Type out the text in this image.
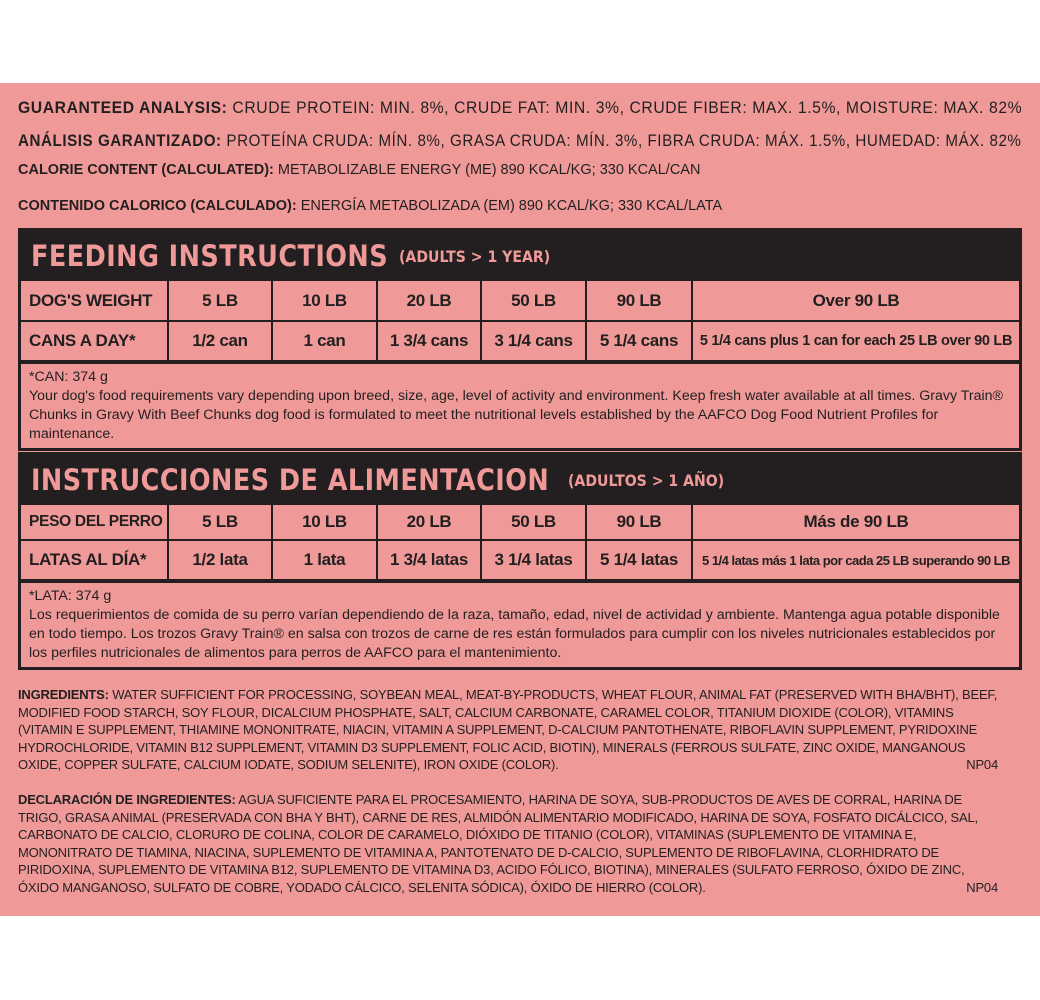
GUARANTEED ANALYSIS: CRUDE PROTEIN: MIN. 8%, CRUDE FAT: MIN. 3%, CRUDE FIBER: MAX. 1.5%, MOISTURE: MAX. 82%
ANÁLISIS GARANTIZADO: PROTEÍNA CRUDA: MÍN. 8%, GRASA CRUDA: MÍN. 3%, FIBRA CRUDA: MÁX. 1.5%, HUMEDAD: MÁX. 82%
CALORIE CONTENT (CALCULATED): METABOLIZABLE ENERGY (ME) 890 KCAL/KG; 330 KCAL/CAN
CONTENIDO CALORICO (CALCULADO): ENERGÍA METABOLIZADA (EM) 890 KCAL/KG; 330 KCAL/LATA
FEEDING INSTRUCTIONS (ADULTS > 1 YEAR)
DOG'S WEIGHT	5 LB	10 LB	20 LB	50 LB	90 LB	Over 90 LB
CANS A DAY*	1/2 can	1 can	1 3/4 cans	3 1/4 cans	5 1/4 cans	5 1/4 cans plus 1 can for each 25 LB over 90 LB
*CAN: 374 g
Your dog's food requirements vary depending upon breed, size, age, level of activity and environment. Keep fresh water available at all times. Gravy Train® Chunks in Gravy With Beef Chunks dog food is formulated to meet the nutritional levels established by the AAFCO Dog Food Nutrient Profiles for maintenance.
INSTRUCCIONES DE ALIMENTACION (ADULTOS > 1 AÑO)
PESO DEL PERRO	5 LB	10 LB	20 LB	50 LB	90 LB	Más de 90 LB
LATAS AL DÍA*	1/2 lata	1 lata	1 3/4 latas	3 1/4 latas	5 1/4 latas	5 1/4 latas más 1 lata por cada 25 LB superando 90 LB
*LATA: 374 g
Los requerimientos de comida de su perro varían dependiendo de la raza, tamaño, edad, nivel de actividad y ambiente. Mantenga agua potable disponible en todo tiempo. Los trozos Gravy Train® en salsa con trozos de carne de res están formulados para cumplir con los niveles nutricionales establecidos por los perfiles nutricionales de alimentos para perros de AAFCO para el mantenimiento.
INGREDIENTS: WATER SUFFICIENT FOR PROCESSING, SOYBEAN MEAL, MEAT-BY-PRODUCTS, WHEAT FLOUR, ANIMAL FAT (PRESERVED WITH BHA/BHT), BEEF, MODIFIED FOOD STARCH, SOY FLOUR, DICALCIUM PHOSPHATE, SALT, CALCIUM CARBONATE, CARAMEL COLOR, TITANIUM DIOXIDE (COLOR), VITAMINS (VITAMIN E SUPPLEMENT, THIAMINE MONONITRATE, NIACIN, VITAMIN A SUPPLEMENT, D-CALCIUM PANTOTHENATE, RIBOFLAVIN SUPPLEMENT, PYRIDOXINE HYDROCHLORIDE, VITAMIN B12 SUPPLEMENT, VITAMIN D3 SUPPLEMENT, FOLIC ACID, BIOTIN), MINERALS (FERROUS SULFATE, ZINC OXIDE, MANGANOUS OXIDE, COPPER SULFATE, CALCIUM IODATE, SODIUM SELENITE), IRON OXIDE (COLOR).	NP04
DECLARACIÓN DE INGREDIENTES: AGUA SUFICIENTE PARA EL PROCESAMIENTO, HARINA DE SOYA, SUB-PRODUCTOS DE AVES DE CORRAL, HARINA DE TRIGO, GRASA ANIMAL (PRESERVADA CON BHA Y BHT), CARNE DE RES, ALMIDÓN ALIMENTARIO MODIFICADO, HARINA DE SOYA, FOSFATO DICÁLCICO, SAL, CARBONATO DE CALCIO, CLORURO DE COLINA, COLOR DE CARAMELO, DIÓXIDO DE TITANIO (COLOR), VITAMINAS (SUPLEMENTO DE VITAMINA E, MONONITRATO DE TIAMINA, NIACINA, SUPLEMENTO DE VITAMINA A, PANTOTENATO DE D-CALCIO, SUPLEMENTO DE RIBOFLAVINA, CLORHIDRATO DE PIRIDOXINA, SUPLEMENTO DE VITAMINA B12, SUPLEMENTO DE VITAMINA D3, ACIDO FÓLICO, BIOTINA), MINERALES (SULFATO FERROSO, ÓXIDO DE ZINC, ÓXIDO MANGANOSO, SULFATO DE COBRE, YODADO CÁLCICO, SELENITA SÓDICA), ÓXIDO DE HIERRO (COLOR).	NP04
